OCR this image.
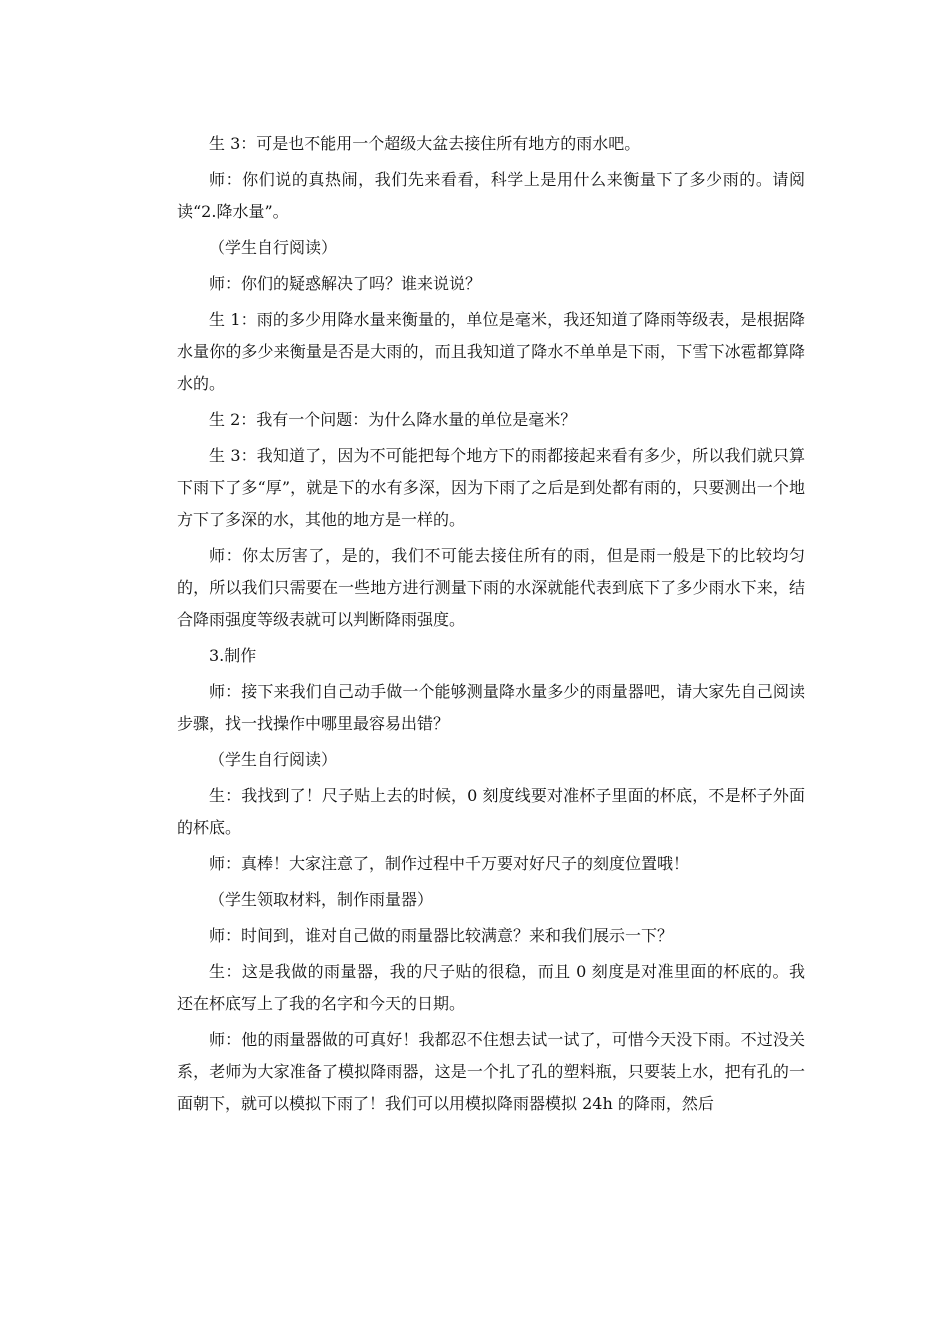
生 3：可是也不能用一个超级大盆去接住所有地方的雨水吧。

师：你们说的真热闹，我们先来看看，科学上是用什么来衡量下了多少雨的。请阅读“2.降水量”。

（学生自行阅读）

师：你们的疑惑解决了吗？谁来说说？

生 1：雨的多少用降水量来衡量的，单位是毫米，我还知道了降雨等级表，是根据降水量你的多少来衡量是否是大雨的，而且我知道了降水不单单是下雨，下雪下冰雹都算降水的。

生 2：我有一个问题：为什么降水量的单位是毫米？

生 3：我知道了，因为不可能把每个地方下的雨都接起来看有多少，所以我们就只算下雨下了多“厚”，就是下的水有多深，因为下雨了之后是到处都有雨的，只要测出一个地方下了多深的水，其他的地方是一样的。

师：你太厉害了，是的，我们不可能去接住所有的雨，但是雨一般是下的比较均匀的，所以我们只需要在一些地方进行测量下雨的水深就能代表到底下了多少雨水下来，结合降雨强度等级表就可以判断降雨强度。

3.制作

师：接下来我们自己动手做一个能够测量降水量多少的雨量器吧，请大家先自己阅读步骤，找一找操作中哪里最容易出错？

（学生自行阅读）

生：我找到了！尺子贴上去的时候，0 刻度线要对准杯子里面的杯底，不是杯子外面的杯底。

师：真棒！大家注意了，制作过程中千万要对好尺子的刻度位置哦！

（学生领取材料，制作雨量器）

师：时间到，谁对自己做的雨量器比较满意？来和我们展示一下？

生：这是我做的雨量器，我的尺子贴的很稳，而且 0 刻度是对准里面的杯底的。我还在杯底写上了我的名字和今天的日期。

师：他的雨量器做的可真好！我都忍不住想去试一试了，可惜今天没下雨。不过没关系，老师为大家准备了模拟降雨器，这是一个扎了孔的塑料瓶，只要装上水，把有孔的一面朝下，就可以模拟下雨了！我们可以用模拟降雨器模拟 24h 的降雨，然后
